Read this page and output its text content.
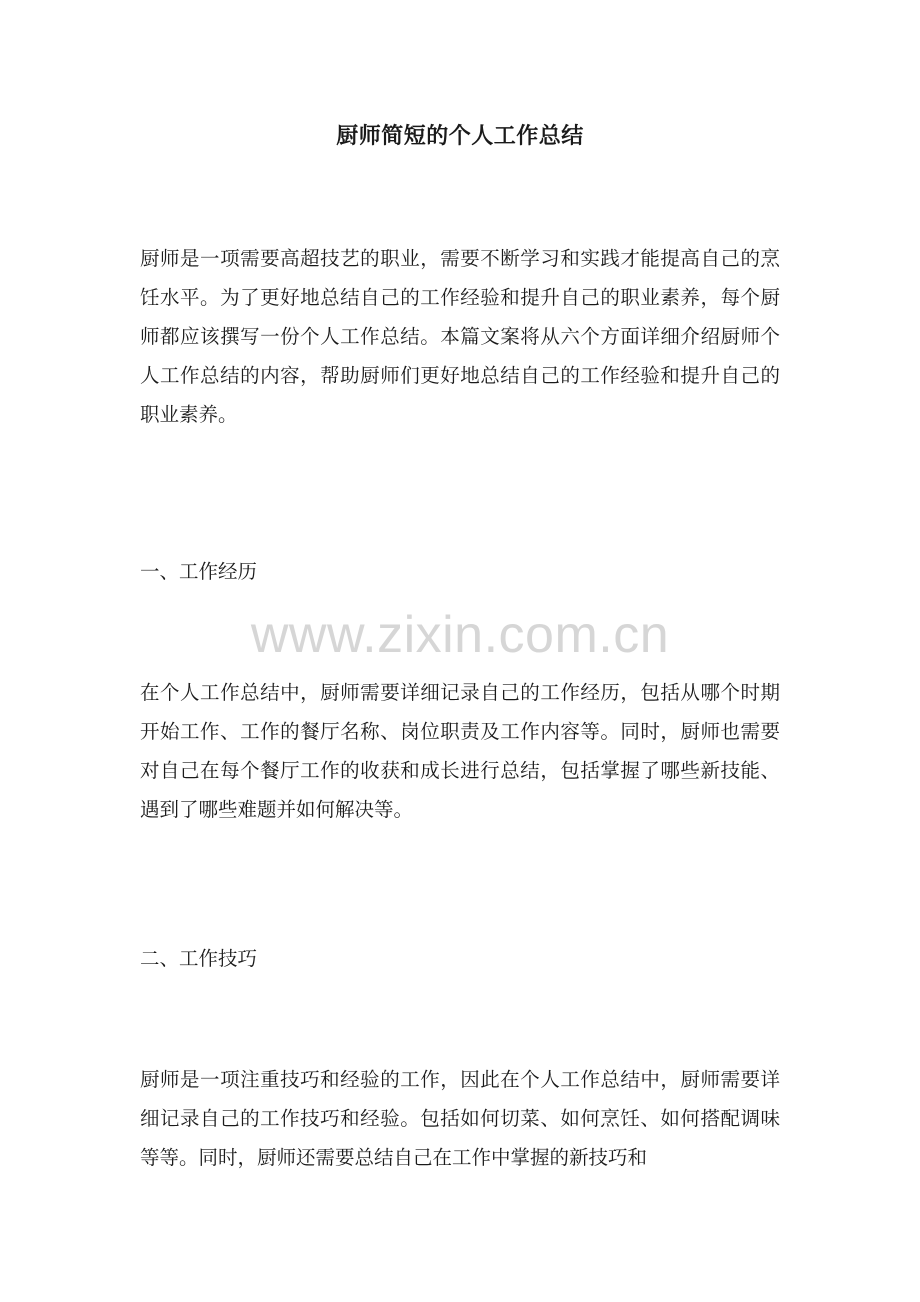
厨师简短的个人工作总结

厨师是一项需要高超技艺的职业，需要不断学习和实践才能提高自己的烹饪水平。为了更好地总结自己的工作经验和提升自己的职业素养，每个厨师都应该撰写一份个人工作总结。本篇文案将从六个方面详细介绍厨师个人工作总结的内容，帮助厨师们更好地总结自己的工作经验和提升自己的职业素养。

一、工作经历

www.zixin.com.cn

在个人工作总结中，厨师需要详细记录自己的工作经历，包括从哪个时期开始工作、工作的餐厅名称、岗位职责及工作内容等。同时，厨师也需要对自己在每个餐厅工作的收获和成长进行总结，包括掌握了哪些新技能、遇到了哪些难题并如何解决等。

二、工作技巧

厨师是一项注重技巧和经验的工作，因此在个人工作总结中，厨师需要详细记录自己的工作技巧和经验。包括如何切菜、如何烹饪、如何搭配调味等等。同时，厨师还需要总结自己在工作中掌握的新技巧和
